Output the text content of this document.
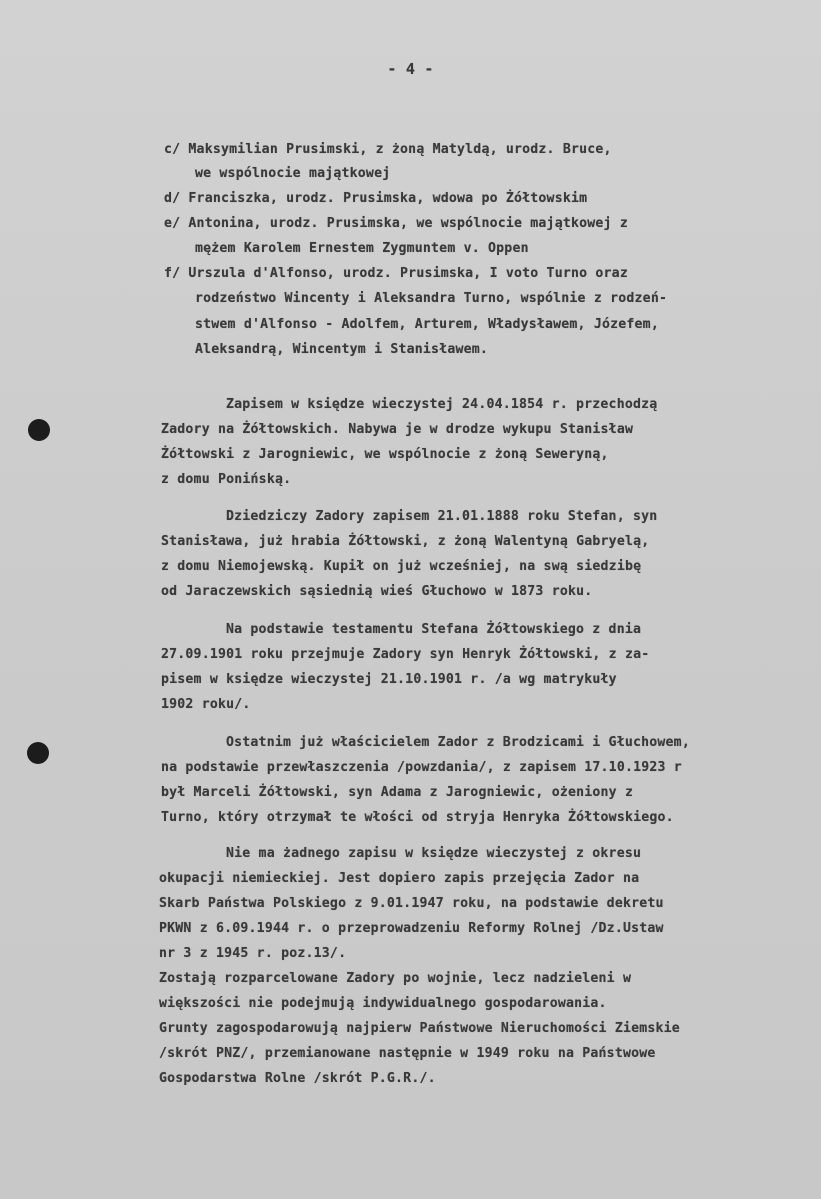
- 4 -
c/ Maksymilian Prusimski, z żoną Matyldą, urodz. Bruce,
we wspólnocie majątkowej
d/ Franciszka, urodz. Prusimska, wdowa po Żółtowskim
e/ Antonina, urodz. Prusimska, we wspólnocie majątkowej z
mężem Karolem Ernestem Zygmuntem v. Oppen
f/ Urszula d'Alfonso, urodz. Prusimska, I voto Turno oraz
rodzeństwo Wincenty i Aleksandra Turno, wspólnie z rodzeń-
stwem d'Alfonso - Adolfem, Arturem, Władysławem, Józefem,
Aleksandrą, Wincentym i Stanisławem.
Zapisem w księdze wieczystej 24.04.1854 r. przechodzą
Zadory na Żółtowskich. Nabywa je w drodze wykupu Stanisław
Żółtowski z Jarogniewic, we wspólnocie z żoną Seweryną,
z domu Ponińską.
Dziedziczy Zadory zapisem 21.01.1888 roku Stefan, syn
Stanisława, już hrabia Żółtowski, z żoną Walentyną Gabryelą,
z domu Niemojewską. Kupił on już wcześniej, na swą siedzibę
od Jaraczewskich sąsiednią wieś Głuchowo w 1873 roku.
Na podstawie testamentu Stefana Żółtowskiego z dnia
27.09.1901 roku przejmuje Zadory syn Henryk Żółtowski, z za-
pisem w księdze wieczystej 21.10.1901 r. /a wg matrykuły
1902 roku/.
Ostatnim już właścicielem Zador z Brodzicami i Głuchowem,
na podstawie przewłaszczenia /powzdania/, z zapisem 17.10.1923 r
był Marceli Żółtowski, syn Adama z Jarogniewic, ożeniony z
Turno, który otrzymał te włości od stryja Henryka Żółtowskiego.
Nie ma żadnego zapisu w księdze wieczystej z okresu
okupacji niemieckiej. Jest dopiero zapis przejęcia Zador na
Skarb Państwa Polskiego z 9.01.1947 roku, na podstawie dekretu
PKWN z 6.09.1944 r. o przeprowadzeniu Reformy Rolnej /Dz.Ustaw
nr 3 z 1945 r. poz.13/.
Zostają rozparcelowane Zadory po wojnie, lecz nadzieleni w
większości nie podejmują indywidualnego gospodarowania.
Grunty zagospodarowują najpierw Państwowe Nieruchomości Ziemskie
/skrót PNZ/, przemianowane następnie w 1949 roku na Państwowe
Gospodarstwa Rolne /skrót P.G.R./.
